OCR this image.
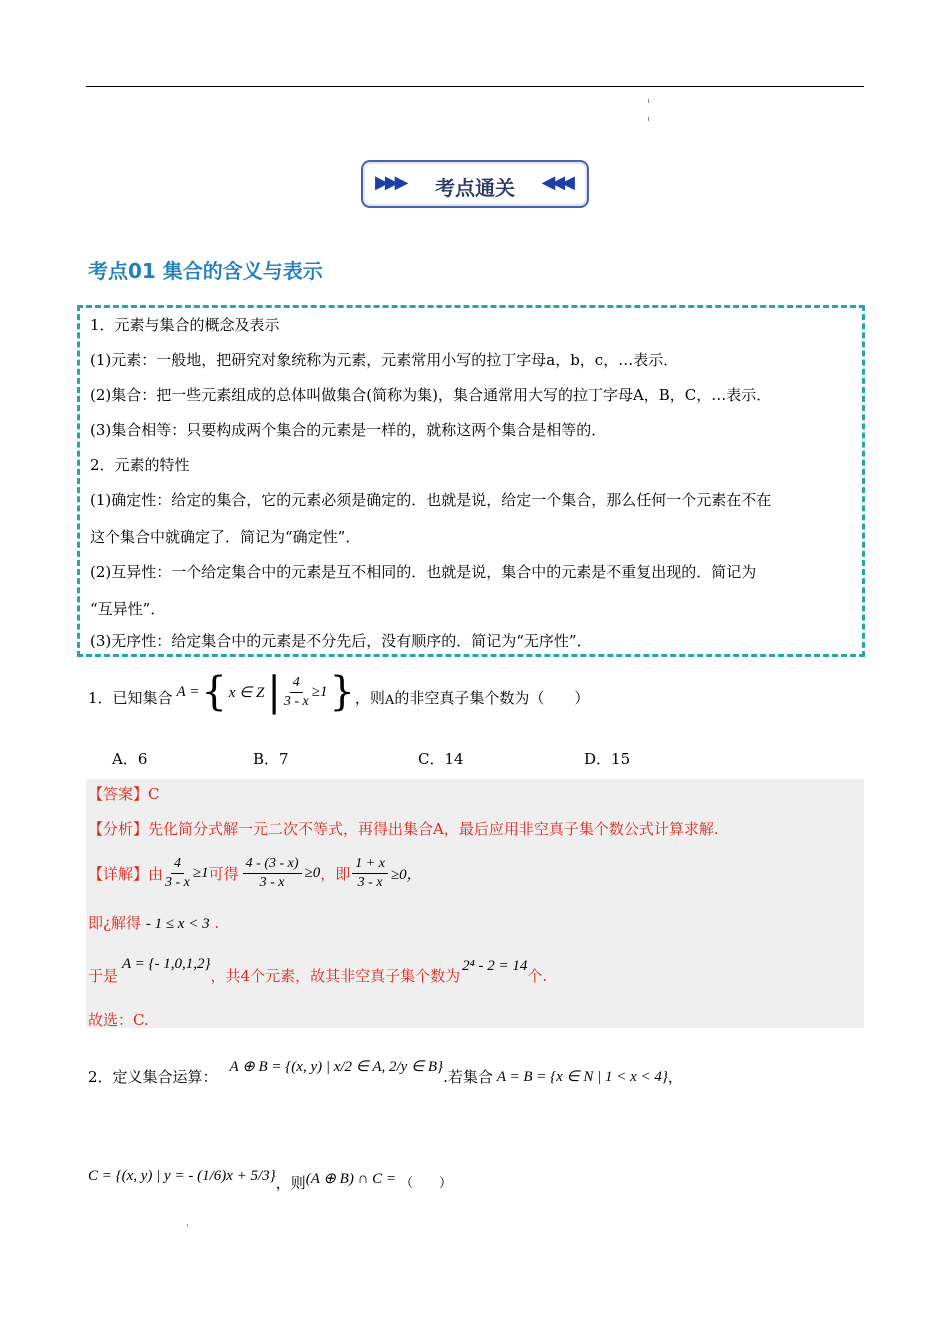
▶▶▶	考点通关	◀◀◀
考点01 集合的含义与表示
1．元素与集合的概念及表示
(1)元素：一般地，把研究对象统称为元素，元素常用小写的拉丁字母a，b，c，…表示．
(2)集合：把一些元素组成的总体叫做集合(简称为集)，集合通常用大写的拉丁字母A，B，C，…表示．
(3)集合相等：只要构成两个集合的元素是一样的，就称这两个集合是相等的．
2．元素的特性
(1)确定性：给定的集合，它的元素必须是确定的．也就是说，给定一个集合，那么任何一个元素在不在
这个集合中就确定了．简记为“确定性”．
(2)互异性：一个给定集合中的元素是互不相同的．也就是说，集合中的元素是不重复出现的．简记为
“互异性”．
(3)无序性：给定集合中的元素是不分先后，没有顺序的．简记为“无序性”．
1．已知集合 A = { x ∈ Z | $\frac{4}{3 - x} \ge 1$ } ，则 A 的非空真子集个数为（　　）
A．6	B．7	C．14	D．15
【答案】C
【分析】先化简分式解一元二次不等式，再得出集合A，最后应用非空真子集个数公式计算求解.
【详解】由 $\frac{4}{3 - x} \ge 1$ 可得 $\frac{4 - (3 - x)}{3 - x} \ge 0$ ，即 $\frac{1 + x}{3 - x} \ge 0$，
即¿解得 - 1 ≤ x < 3 .
于是
A = {- 1,0,1,2}
，共4个元素，故其非空真子集个数为
2⁴ - 2 = 14
个.
故选：C.
2．定义集合运算：
A ⊕ B = {(x, y) | x/2 ∈ A, 2/y ∈ B}
.若集合 A = B = {x ∈ N | 1 < x < 4} ，
C = {(x, y) | y = - (1/6)x + 5/3} ，则 (A ⊕ B) ∩ C = （　　）
